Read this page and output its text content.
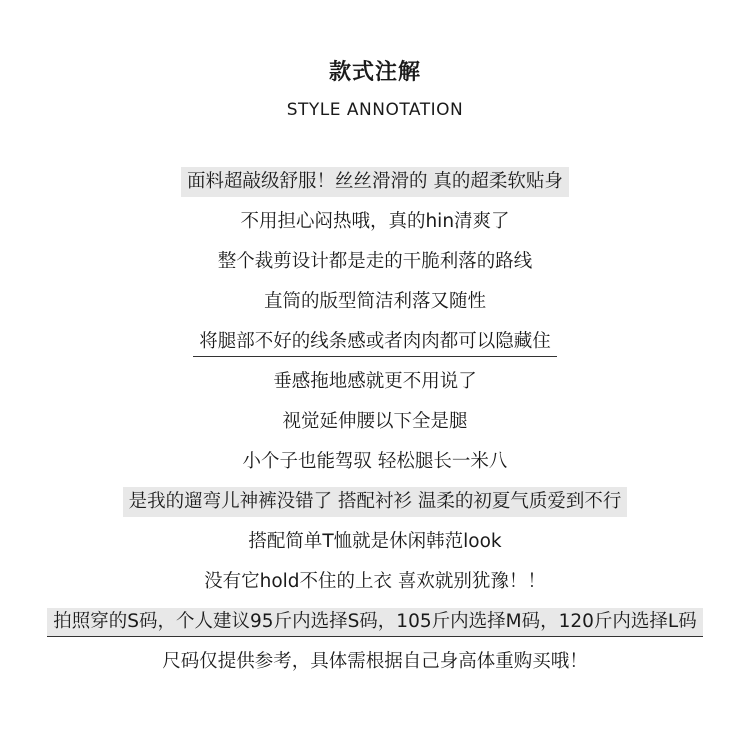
款式注解
STYLE ANNOTATION
面料超敲级舒服！丝丝滑滑的 真的超柔软贴身
不用担心闷热哦，真的hin清爽了
整个裁剪设计都是走的干脆利落的路线
直筒的版型简洁利落又随性
将腿部不好的线条感或者肉肉都可以隐藏住
垂感拖地感就更不用说了
视觉延伸腰以下全是腿
小个子也能驾驭 轻松腿长一米八
是我的遛弯儿神裤没错了 搭配衬衫 温柔的初夏气质爱到不行
搭配简单T恤就是休闲韩范look
没有它hold不住的上衣 喜欢就别犹豫！！
拍照穿的S码，个人建议95斤内选择S码，105斤内选择M码，120斤内选择L码
尺码仅提供参考，具体需根据自己身高体重购买哦！
